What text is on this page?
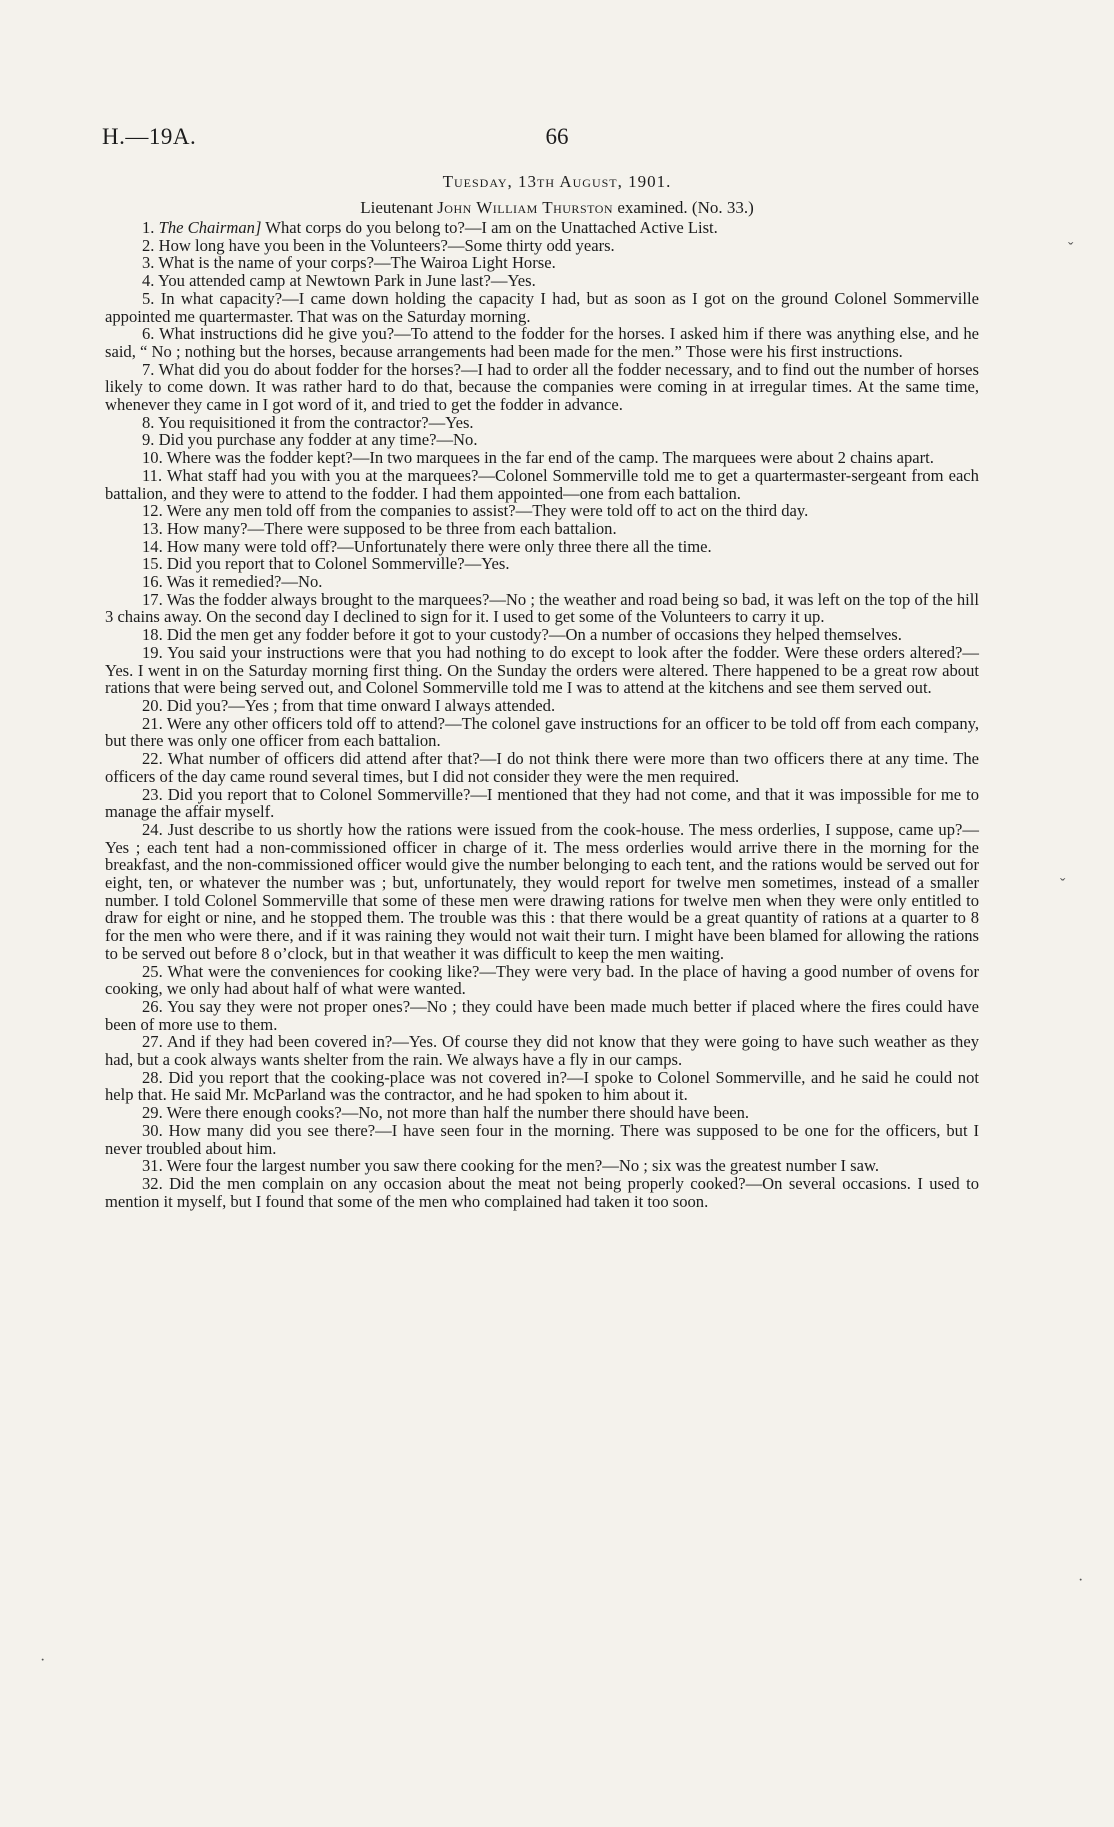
H.—19A.	66
Tuesday, 13th August, 1901.
Lieutenant John William Thurston examined. (No. 33.)

1. The Chairman] What corps do you belong to?—I am on the Unattached Active List.

2. How long have you been in the Volunteers?—Some thirty odd years.

3. What is the name of your corps?—The Wairoa Light Horse.

4. You attended camp at Newtown Park in June last?—Yes.

5. In what capacity?—I came down holding the capacity I had, but as soon as I got on the ground Colonel Sommerville appointed me quartermaster. That was on the Saturday morning.

6. What instructions did he give you?—To attend to the fodder for the horses. I asked him if there was anything else, and he said, “ No ; nothing but the horses, because arrangements had been made for the men.” Those were his first instructions.

7. What did you do about fodder for the horses?—I had to order all the fodder necessary, and to find out the number of horses likely to come down. It was rather hard to do that, because the companies were coming in at irregular times. At the same time, whenever they came in I got word of it, and tried to get the fodder in advance.

8. You requisitioned it from the contractor?—Yes.

9. Did you purchase any fodder at any time?—No.

10. Where was the fodder kept?—In two marquees in the far end of the camp. The marquees were about 2 chains apart.

11. What staff had you with you at the marquees?—Colonel Sommerville told me to get a quartermaster-sergeant from each battalion, and they were to attend to the fodder. I had them appointed—one from each battalion.

12. Were any men told off from the companies to assist?—They were told off to act on the third day.

13. How many?—There were supposed to be three from each battalion.

14. How many were told off?—Unfortunately there were only three there all the time.

15. Did you report that to Colonel Sommerville?—Yes.

16. Was it remedied?—No.

17. Was the fodder always brought to the marquees?—No ; the weather and road being so bad, it was left on the top of the hill 3 chains away. On the second day I declined to sign for it. I used to get some of the Volunteers to carry it up.

18. Did the men get any fodder before it got to your custody?—On a number of occasions they helped themselves.

19. You said your instructions were that you had nothing to do except to look after the fodder. Were these orders altered?—Yes. I went in on the Saturday morning first thing. On the Sunday the orders were altered. There happened to be a great row about rations that were being served out, and Colonel Sommerville told me I was to attend at the kitchens and see them served out.

20. Did you?—Yes ; from that time onward I always attended.

21. Were any other officers told off to attend?—The colonel gave instructions for an officer to be told off from each company, but there was only one officer from each battalion.

22. What number of officers did attend after that?—I do not think there were more than two officers there at any time. The officers of the day came round several times, but I did not consider they were the men required.

23. Did you report that to Colonel Sommerville?—I mentioned that they had not come, and that it was impossible for me to manage the affair myself.

24. Just describe to us shortly how the rations were issued from the cook-house. The mess orderlies, I suppose, came up?—Yes ; each tent had a non-commissioned officer in charge of it. The mess orderlies would arrive there in the morning for the breakfast, and the non-commissioned officer would give the number belonging to each tent, and the rations would be served out for eight, ten, or whatever the number was ; but, unfortunately, they would report for twelve men sometimes, instead of a smaller number. I told Colonel Sommerville that some of these men were drawing rations for twelve men when they were only entitled to draw for eight or nine, and he stopped them. The trouble was this : that there would be a great quantity of rations at a quarter to 8 for the men who were there, and if it was raining they would not wait their turn. I might have been blamed for allowing the rations to be served out before 8 o’clock, but in that weather it was difficult to keep the men waiting.

25. What were the conveniences for cooking like?—They were very bad. In the place of having a good number of ovens for cooking, we only had about half of what were wanted.

26. You say they were not proper ones?—No ; they could have been made much better if placed where the fires could have been of more use to them.

27. And if they had been covered in?—Yes. Of course they did not know that they were going to have such weather as they had, but a cook always wants shelter from the rain. We always have a fly in our camps.

28. Did you report that the cooking-place was not covered in?—I spoke to Colonel Sommerville, and he said he could not help that. He said Mr. McParland was the contractor, and he had spoken to him about it.

29. Were there enough cooks?—No, not more than half the number there should have been.

30. How many did you see there?—I have seen four in the morning. There was supposed to be one for the officers, but I never troubled about him.

31. Were four the largest number you saw there cooking for the men?—No ; six was the greatest number I saw.

32. Did the men complain on any occasion about the meat not being properly cooked?—On several occasions. I used to mention it myself, but I found that some of the men who complained had taken it too soon.

ˇ
ˇ
·
·
